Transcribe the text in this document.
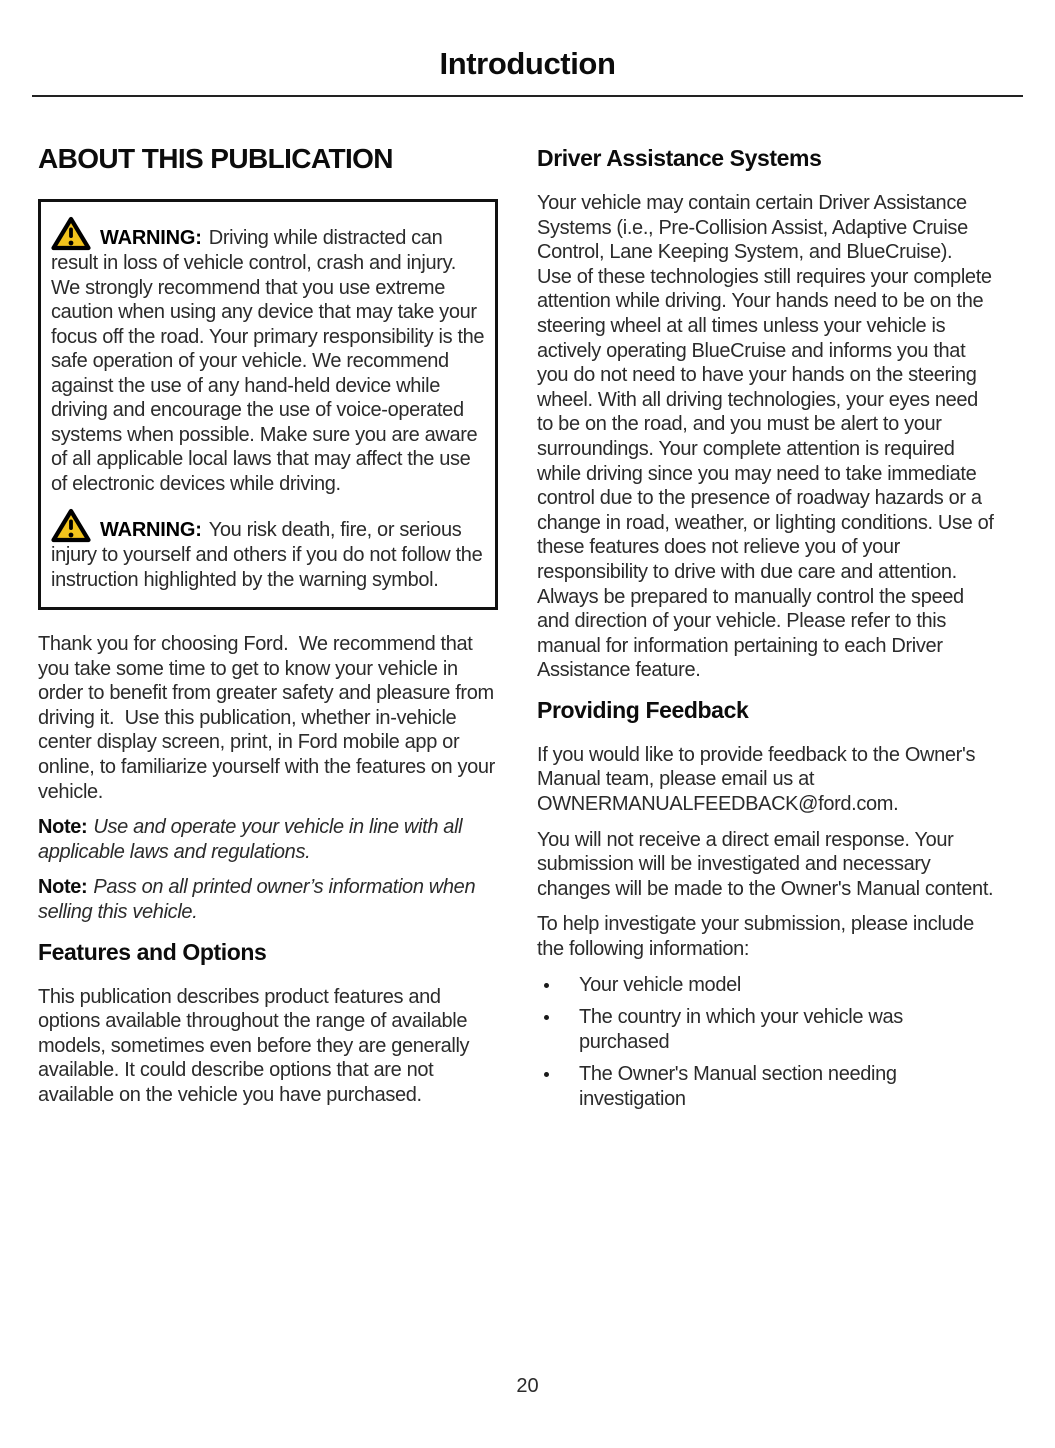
Introduction
ABOUT THIS PUBLICATION

WARNING: Driving while distracted can result in loss of vehicle control, crash and injury. We strongly recommend that you use extreme caution when using any device that may take your focus off the road. Your primary responsibility is the safe operation of your vehicle. We recommend against the use of any hand-held device while driving and encourage the use of voice-operated systems when possible. Make sure you are aware of all applicable local laws that may affect the use of electronic devices while driving.

WARNING: You risk death, fire, or serious injury to yourself and others if you do not follow the instruction highlighted by the warning symbol.

Thank you for choosing Ford.  We recommend that you take some time to get to know your vehicle in order to benefit from greater safety and pleasure from driving it.  Use this publication, whether in-vehicle center display screen, print, in Ford mobile app or online, to familiarize yourself with the features on your vehicle.

Note: Use and operate your vehicle in line with all applicable laws and regulations.

Note: Pass on all printed owner’s information when selling this vehicle.

Features and Options

This publication describes product features and options available throughout the range of available models, sometimes even before they are generally available. It could describe options that are not available on the vehicle you have purchased.

Driver Assistance Systems

Your vehicle may contain certain Driver Assistance Systems (i.e., Pre-Collision Assist, Adaptive Cruise Control, Lane Keeping System, and BlueCruise).  Use of these technologies still requires your complete attention while driving. Your hands need to be on the steering wheel at all times unless your vehicle is actively operating BlueCruise and informs you that you do not need to have your hands on the steering wheel. With all driving technologies, your eyes need to be on the road, and you must be alert to your surroundings. Your complete attention is required while driving since you may need to take immediate control due to the presence of roadway hazards or a change in road, weather, or lighting conditions. Use of these features does not relieve you of your responsibility to drive with due care and attention. Always be prepared to manually control the speed and direction of your vehicle. Please refer to this manual for information pertaining to each Driver Assistance feature.

Providing Feedback

If you would like to provide feedback to the Owner's Manual team, please email us at OWNERMANUALFEEDBACK@ford.com.

You will not receive a direct email response. Your submission will be investigated and necessary changes will be made to the Owner's Manual content.

To help investigate your submission, please include the following information:

Your vehicle model
The country in which your vehicle was purchased
The Owner's Manual section needing investigation
20
